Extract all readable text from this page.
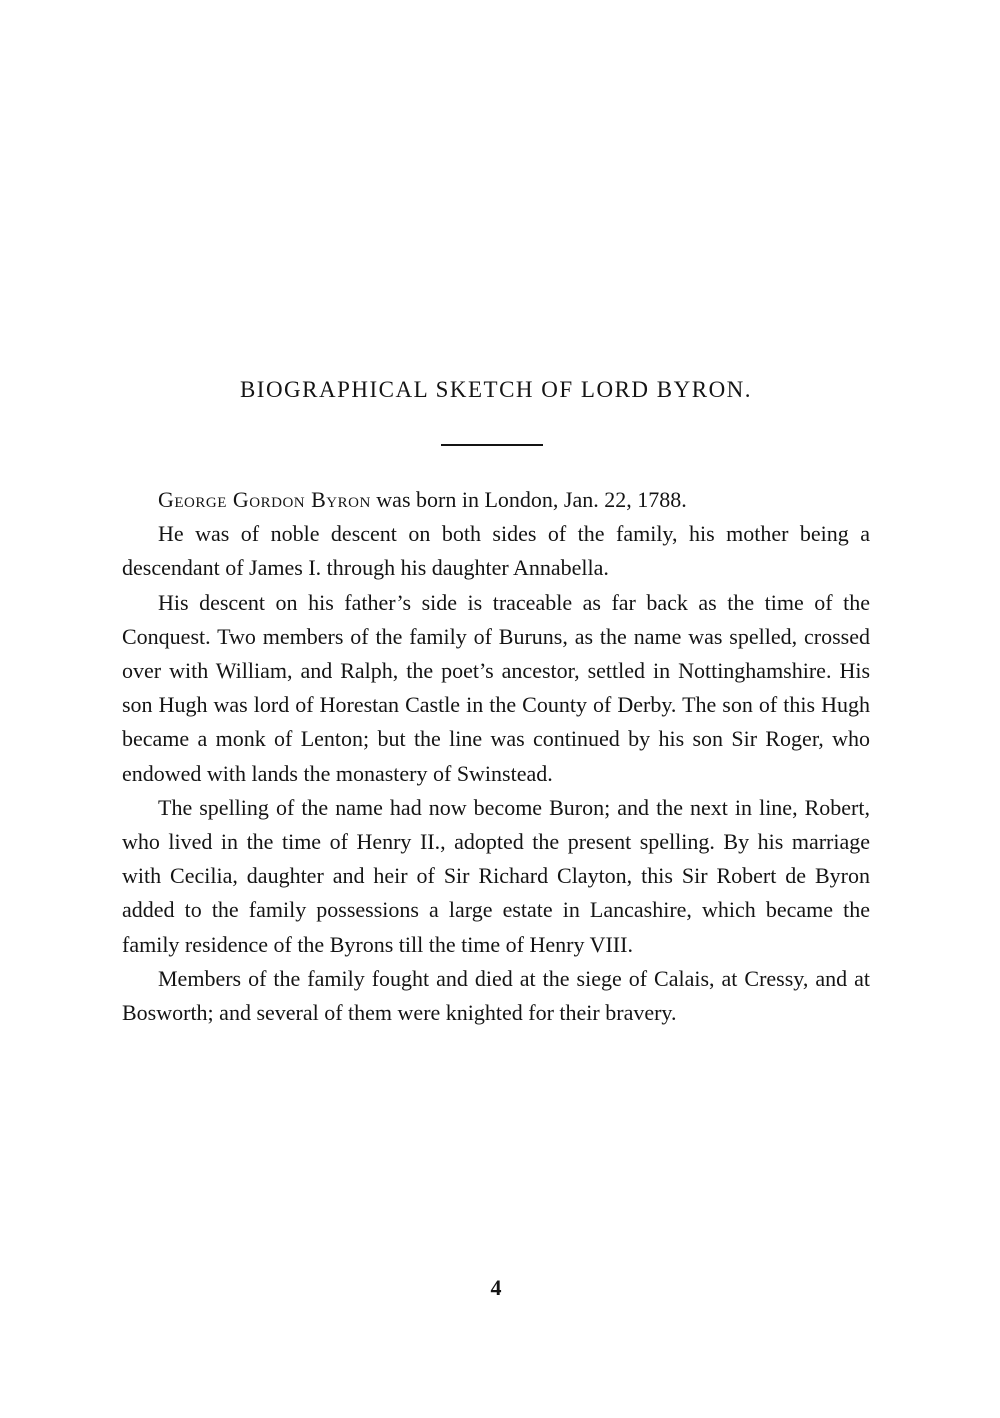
BIOGRAPHICAL SKETCH OF LORD BYRON.

George Gordon Byron was born in London, Jan. 22, 1788.

He was of noble descent on both sides of the family, his mother being a descendant of James I. through his daughter Annabella.

His descent on his father’s side is traceable as far back as the time of the Conquest. Two members of the family of Buruns, as the name was spelled, crossed over with William, and Ralph, the poet’s ancestor, settled in Nottinghamshire. His son Hugh was lord of Horestan Castle in the County of Derby. The son of this Hugh became a monk of Lenton; but the line was continued by his son Sir Roger, who endowed with lands the monastery of Swinstead.

The spelling of the name had now become Buron; and the next in line, Robert, who lived in the time of Henry II., adopted the present spelling. By his marriage with Cecilia, daughter and heir of Sir Richard Clayton, this Sir Robert de Byron added to the family possessions a large estate in Lancashire, which became the family residence of the Byrons till the time of Henry VIII.

Members of the family fought and died at the siege of Calais, at Cressy, and at Bosworth; and several of them were knighted for their bravery.

4
